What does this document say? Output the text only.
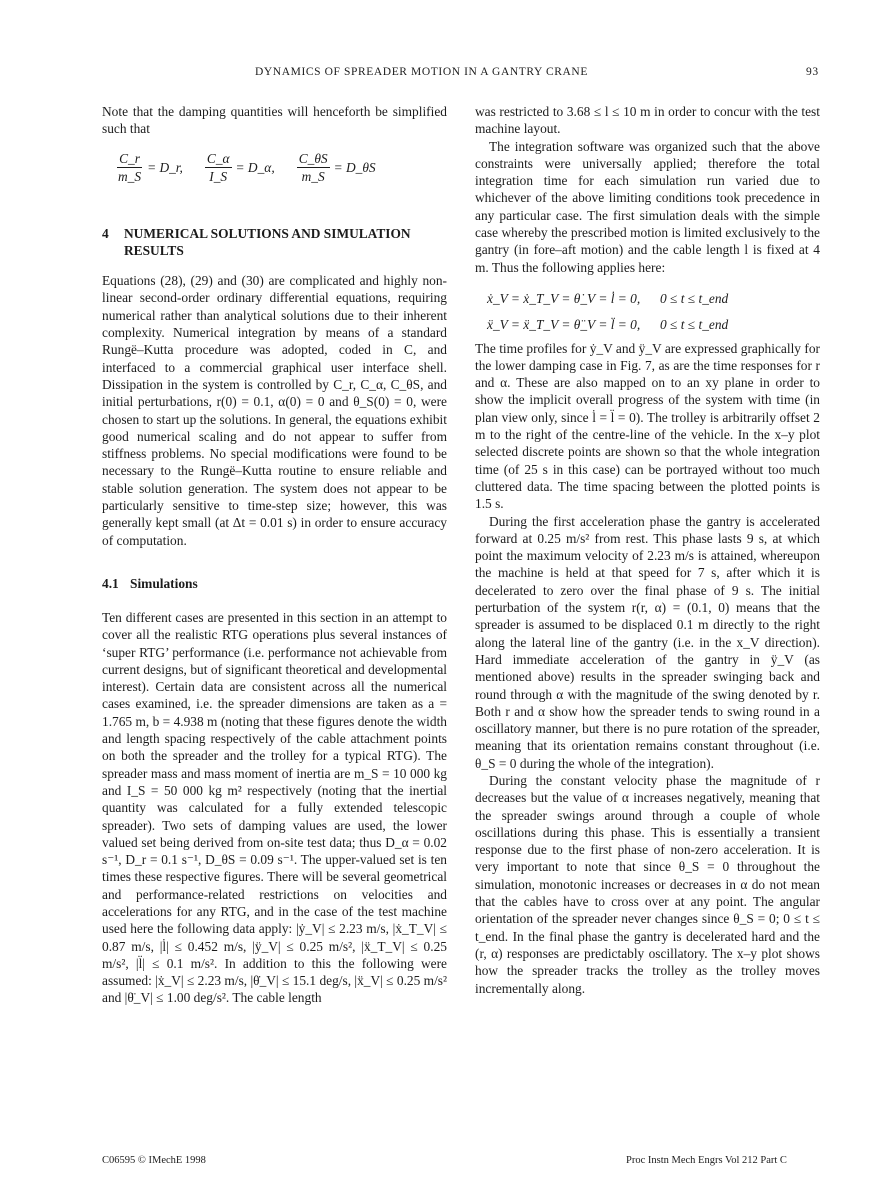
DYNAMICS OF SPREADER MOTION IN A GANTRY CRANE	93

Note that the damping quantities will henceforth be simplified such that

$\frac{C\_r}{m\_S}$ = D_r, $\frac{C\_\alpha}{I\_S}$ = D_α, $\frac{C\_\theta S}{m\_S}$ = D_θS
4	NUMERICAL SOLUTIONS AND SIMULATION RESULTS

Equations (28), (29) and (30) are complicated and highly non-linear second-order ordinary differential equations, requiring numerical rather than analytical solutions due to their inherent complexity. Numerical integration by means of a standard Rungë–Kutta procedure was adopted, coded in C, and interfaced to a commercial graphical user interface shell. Dissipation in the system is controlled by C_r, C_α, C_θS, and initial perturbations, r(0) = 0.1, α(0) = 0 and θ_S(0) = 0, were chosen to start up the solutions. In general, the equations exhibit good numerical scaling and do not appear to suffer from stiffness problems. No special modifications were found to be necessary to the Rungë–Kutta routine to ensure reliable and stable solution generation. The system does not appear to be particularly sensitive to time-step size; however, this was generally kept small (at Δt = 0.01 s) in order to ensure accuracy of computation.

4.1 Simulations

Ten different cases are presented in this section in an attempt to cover all the realistic RTG operations plus several instances of ‘super RTG’ performance (i.e. performance not achievable from current designs, but of significant theoretical and developmental interest). Certain data are consistent across all the numerical cases examined, i.e. the spreader dimensions are taken as a = 1.765 m, b = 4.938 m (noting that these figures denote the width and length spacing respectively of the cable attachment points on both the spreader and the trolley for a typical RTG). The spreader mass and mass moment of inertia are m_S = 10 000 kg and I_S = 50 000 kg m² respectively (noting that the inertial quantity was calculated for a fully extended telescopic spreader). Two sets of damping values are used, the lower valued set being derived from on-site test data; thus D_α = 0.02 s⁻¹, D_r = 0.1 s⁻¹, D_θS = 0.09 s⁻¹. The upper-valued set is ten times these respective figures. There will be several geometrical and performance-related restrictions on velocities and accelerations for any RTG, and in the case of the test machine used here the following data apply: |ẏ_V| ≤ 2.23 m/s, |ẋ_T_V| ≤ 0.87 m/s, |l̇| ≤ 0.452 m/s, |ÿ_V| ≤ 0.25 m/s², |ẍ_T_V| ≤ 0.25 m/s², |l̈| ≤ 0.1 m/s². In addition to this the following were assumed: |ẋ_V| ≤ 2.23 m/s, |θ̇_V| ≤ 15.1 deg/s, |ẍ_V| ≤ 0.25 m/s² and |θ̈_V| ≤ 1.00 deg/s². The cable length

was restricted to 3.68 ≤ l ≤ 10 m in order to concur with the test machine layout.

The integration software was organized such that the above constraints were universally applied; therefore the total integration time for each simulation run varied due to whichever of the above limiting conditions took precedence in any particular case. The first simulation deals with the simple case whereby the prescribed motion is limited exclusively to the gantry (in fore–aft motion) and the cable length l is fixed at 4 m. Thus the following applies here:

ẋ_V = ẋ_T_V = θ̇_V = l̇ = 0,	0 ≤ t ≤ t_end
ẍ_V = ẍ_T_V = θ̈_V = l̈ = 0,	0 ≤ t ≤ t_end

The time profiles for ẏ_V and ÿ_V are expressed graphically for the lower damping case in Fig. 7, as are the time responses for r and α. These are also mapped on to an xy plane in order to show the implicit overall progress of the system with time (in plan view only, since l̇ = l̈ = 0). The trolley is arbitrarily offset 2 m to the right of the centre-line of the vehicle. In the x–y plot selected discrete points are shown so that the whole integration time (of 25 s in this case) can be portrayed without too much cluttered data. The time spacing between the plotted points is 1.5 s.

During the first acceleration phase the gantry is accelerated forward at 0.25 m/s² from rest. This phase lasts 9 s, at which point the maximum velocity of 2.23 m/s is attained, whereupon the machine is held at that speed for 7 s, after which it is decelerated to zero over the final phase of 9 s. The initial perturbation of the system r(r, α) = (0.1, 0) means that the spreader is assumed to be displaced 0.1 m directly to the right along the lateral line of the gantry (i.e. in the x_V direction). Hard immediate acceleration of the gantry in ÿ_V (as mentioned above) results in the spreader swinging back and round through α with the magnitude of the swing denoted by r. Both r and α show how the spreader tends to swing round in a oscillatory manner, but there is no pure rotation of the spreader, meaning that its orientation remains constant throughout (i.e. θ_S = 0 during the whole of the integration).

During the constant velocity phase the magnitude of r decreases but the value of α increases negatively, meaning that the spreader swings around through a couple of whole oscillations during this phase. This is essentially a transient response due to the first phase of non-zero acceleration. It is very important to note that since θ_S = 0 throughout the simulation, monotonic increases or decreases in α do not mean that the cables have to cross over at any point. The angular orientation of the spreader never changes since θ_S = 0; 0 ≤ t ≤ t_end. In the final phase the gantry is decelerated hard and the (r, α) responses are predictably oscillatory. The x–y plot shows how the spreader tracks the trolley as the trolley moves incrementally along.

C06595 © IMechE 1998	Proc Instn Mech Engrs Vol 212 Part C
